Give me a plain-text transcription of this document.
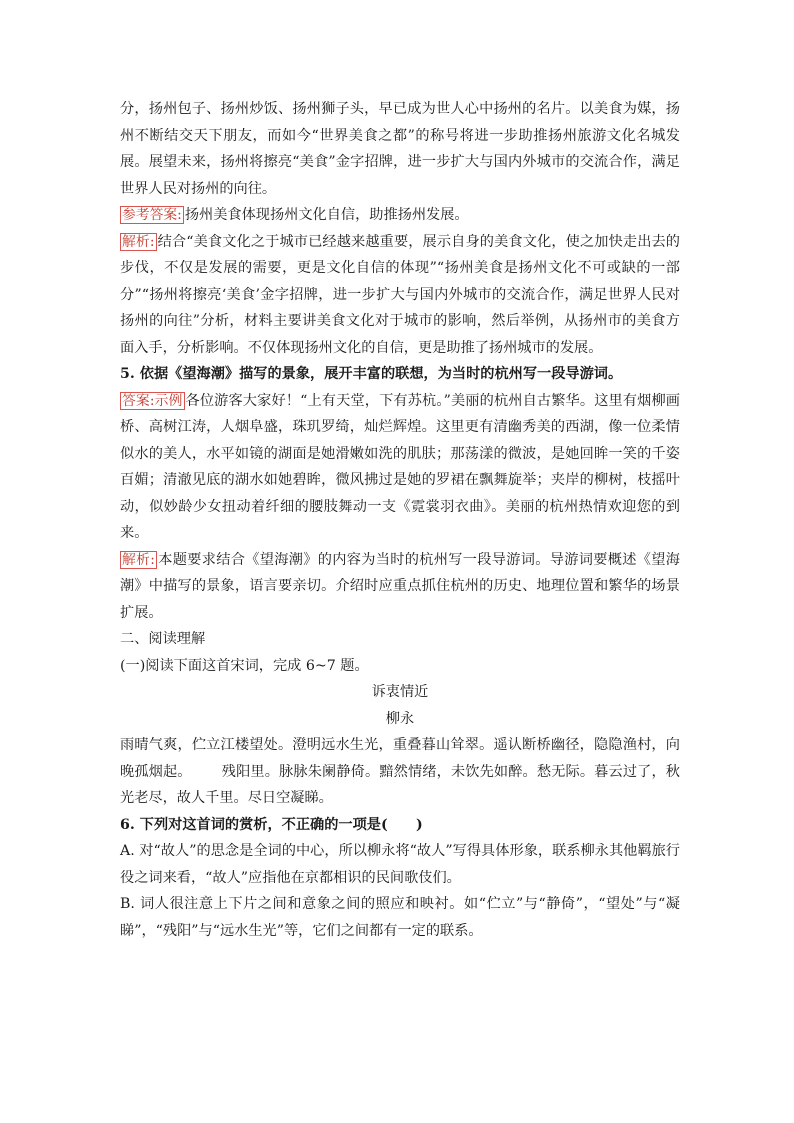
分，扬州包子、扬州炒饭、扬州狮子头，早已成为世人心中扬州的名片。以美食为媒，扬州不断结交天下朋友，而如今“世界美食之都”的称号将进一步助推扬州旅游文化名城发展。展望未来，扬州将擦亮“美食”金字招牌，进一步扩大与国内外城市的交流合作，满足世界人民对扬州的向往。

参考答案: 扬州美食体现扬州文化自信，助推扬州发展。

解析: 结合“美食文化之于城市已经越来越重要，展示自身的美食文化，使之加快走出去的步伐，不仅是发展的需要，更是文化自信的体现”“扬州美食是扬州文化不可或缺的一部分”“扬州将擦亮‘美食’金字招牌，进一步扩大与国内外城市的交流合作，满足世界人民对扬州的向往”分析，材料主要讲美食文化对于城市的影响，然后举例，从扬州市的美食方面入手，分析影响。不仅体现扬州文化的自信，更是助推了扬州城市的发展。

5. 依据《望海潮》描写的景象，展开丰富的联想，为当时的杭州写一段导游词。

答案:示例 各位游客大家好！“上有天堂，下有苏杭。”美丽的杭州自古繁华。这里有烟柳画桥、高树江涛，人烟阜盛，珠玑罗绮，灿烂辉煌。这里更有清幽秀美的西湖，像一位柔情似水的美人，水平如镜的湖面是她滑嫩如洗的肌肤；那荡漾的微波，是她回眸一笑的千姿百媚；清澈见底的湖水如她碧眸，微风拂过是她的罗裙在飘舞旋举；夹岸的柳树，枝摇叶动，似妙龄少女扭动着纤细的腰肢舞动一支《霓裳羽衣曲》。美丽的杭州热情欢迎您的到来。

解析: 本题要求结合《望海潮》的内容为当时的杭州写一段导游词。导游词要概述《望海潮》中描写的景象，语言要亲切。介绍时应重点抓住杭州的历史、地理位置和繁华的场景扩展。

二、阅读理解

(一)阅读下面这首宋词，完成 6~7 题。

诉衷情近

柳永

雨晴气爽，伫立江楼望处。澄明远水生光，重叠暮山耸翠。遥认断桥幽径，隐隐渔村，向晚孤烟起。 残阳里。脉脉朱阑静倚。黯然情绪，未饮先如醉。愁无际。暮云过了，秋光老尽，故人千里。尽日空凝睇。

6. 下列对这首词的赏析，不正确的一项是(　　)

A. 对“故人”的思念是全词的中心，所以柳永将“故人”写得具体形象，联系柳永其他羁旅行役之词来看，“故人”应指他在京都相识的民间歌伎们。

B. 词人很注意上下片之间和意象之间的照应和映衬。如“伫立”与“静倚”，“望处”与“凝睇”，“残阳”与“远水生光”等，它们之间都有一定的联系。
